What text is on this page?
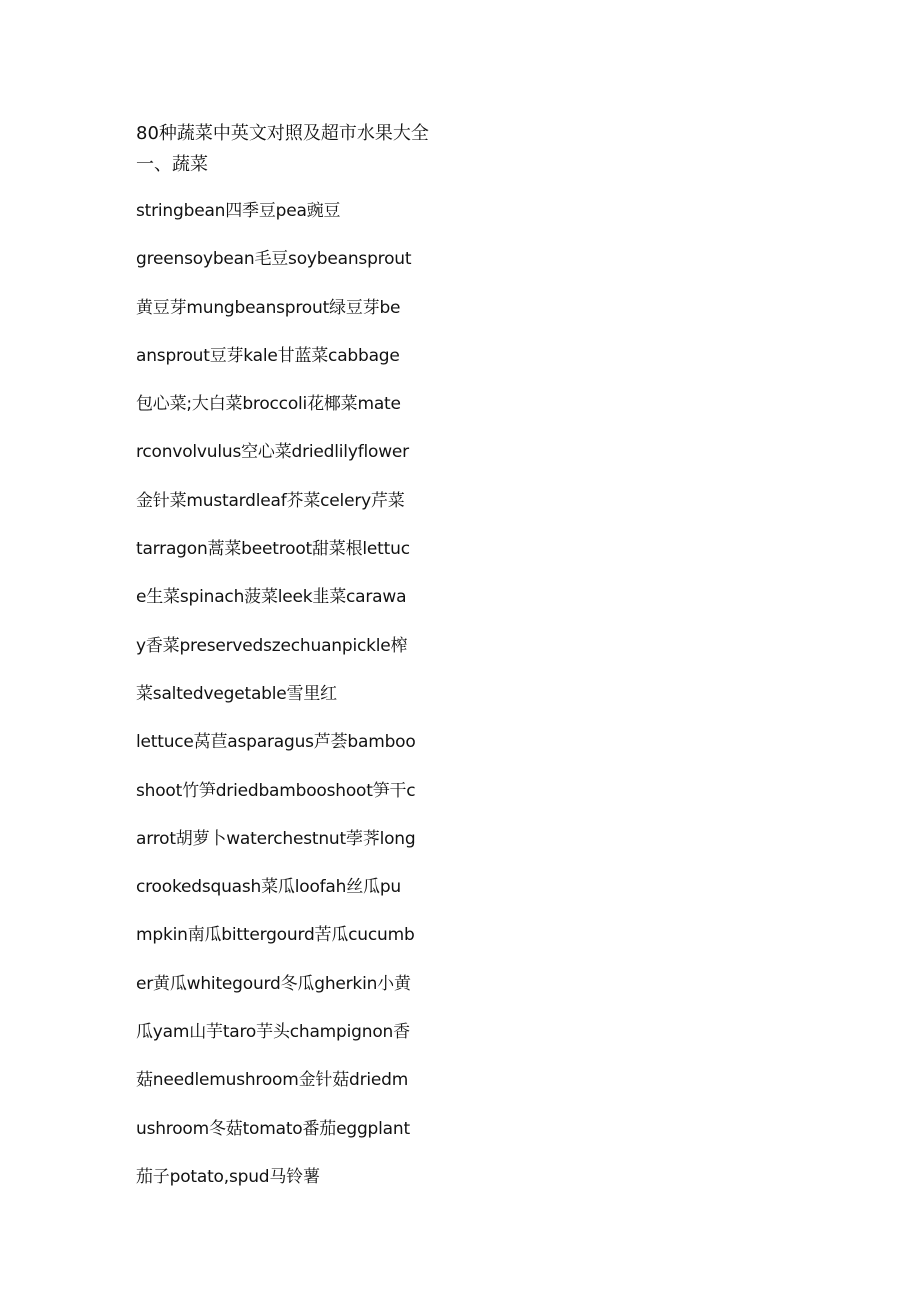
80种蔬菜中英文对照及超市水果大全一、蔬菜
stringbean四季豆pea豌豆
greensoybean毛豆soybeansprout
黄豆芽mungbeansprout绿豆芽be
ansprout豆芽kale甘蓝菜cabbage
包心菜;大白菜broccoli花椰菜mate
rconvolvulus空心菜driedlilyflower
金针菜mustardleaf芥菜celery芹菜
tarragon蒿菜beetroot甜菜根lettuc
e生菜spinach菠菜leek韭菜carawa
y香菜preservedszechuanpickle榨
菜saltedvegetable雪里红
lettuce莴苣asparagus芦荟bamboo
shoot竹笋driedbambooshoot笋干c
arrot胡萝卜waterchestnut荸荠long
crookedsquash菜瓜loofah丝瓜pu
mpkin南瓜bittergourd苦瓜cucumb
er黄瓜whitegourd冬瓜gherkin小黄
瓜yam山芋taro芋头champignon香
菇needlemushroom金针菇driedm
ushroom冬菇tomato番茄eggplant
茄子potato,spud马铃薯
